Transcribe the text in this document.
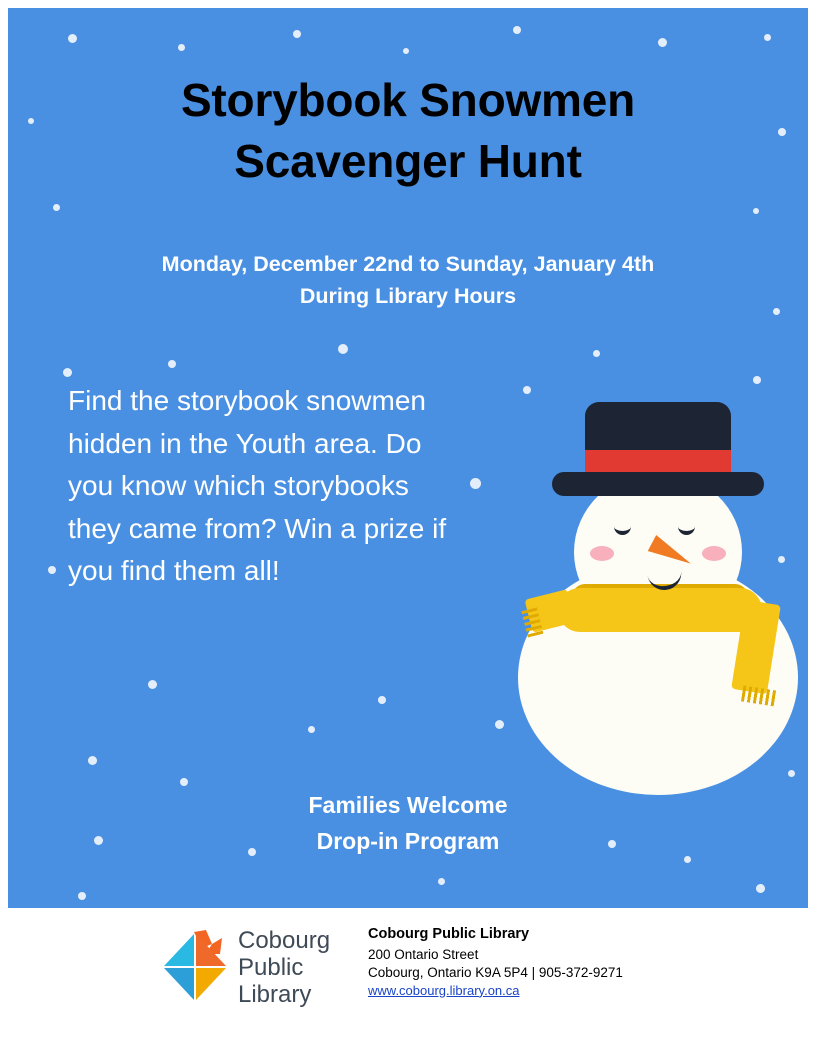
Storybook Snowmen
Scavenger Hunt
Monday, December 22nd to Sunday, January 4th
During Library Hours
Find the storybook snowmen hidden in the Youth area. Do you know which storybooks they came from? Win a prize if you find them all!
Families Welcome
Drop-in Program
Cobourg
Public
Library
Cobourg Public Library
200 Ontario Street
Cobourg, Ontario K9A 5P4 | 905-372-9271
www.cobourg.library.on.ca
